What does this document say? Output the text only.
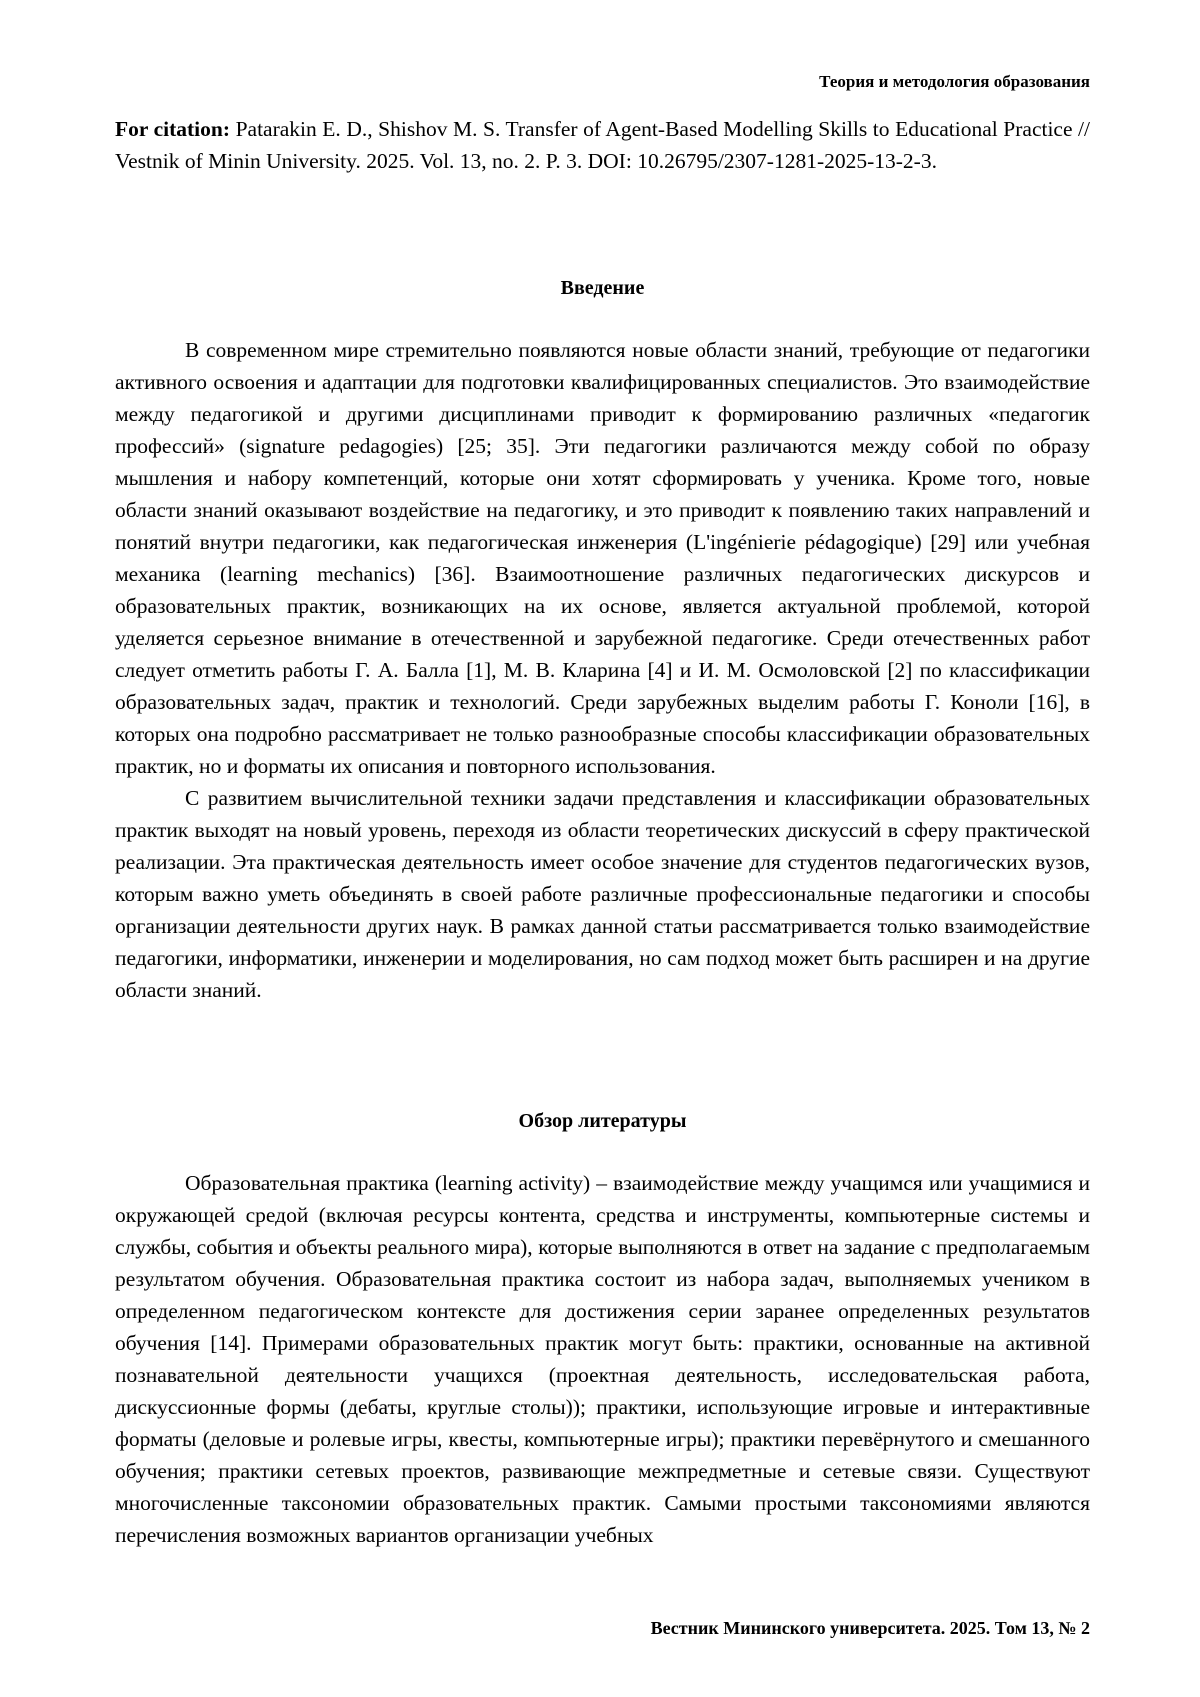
Теория и методология образования

For citation: Patarakin E. D., Shishov M. S. Transfer of Agent-Based Modelling Skills to Educational Practice // Vestnik of Minin University. 2025. Vol. 13, no. 2. P. 3. DOI: 10.26795/2307-1281-2025-13-2-3.

Введение

В современном мире стремительно появляются новые области знаний, требующие от педагогики активного освоения и адаптации для подготовки квалифицированных специалистов. Это взаимодействие между педагогикой и другими дисциплинами приводит к формированию различных «педагогик профессий» (signature pedagogies) [25; 35]. Эти педагогики различаются между собой по образу мышления и набору компетенций, которые они хотят сформировать у ученика. Кроме того, новые области знаний оказывают воздействие на педагогику, и это приводит к появлению таких направлений и понятий внутри педагогики, как педагогическая инженерия (L'ingénierie pédagogique) [29] или учебная механика (learning mechanics) [36]. Взаимоотношение различных педагогических дискурсов и образовательных практик, возникающих на их основе, является актуальной проблемой, которой уделяется серьезное внимание в отечественной и зарубежной педагогике. Среди отечественных работ следует отметить работы Г. А. Балла [1], М. В. Кларина [4] и И. М. Осмоловской [2] по классификации образовательных задач, практик и технологий. Среди зарубежных выделим работы Г. Коноли [16], в которых она подробно рассматривает не только разнообразные способы классификации образовательных практик, но и форматы их описания и повторного использования.

С развитием вычислительной техники задачи представления и классификации образовательных практик выходят на новый уровень, переходя из области теоретических дискуссий в сферу практической реализации. Эта практическая деятельность имеет особое значение для студентов педагогических вузов, которым важно уметь объединять в своей работе различные профессиональные педагогики и способы организации деятельности других наук. В рамках данной статьи рассматривается только взаимодействие педагогики, информатики, инженерии и моделирования, но сам подход может быть расширен и на другие области знаний.

Обзор литературы

Образовательная практика (learning activity) – взаимодействие между учащимся или учащимися и окружающей средой (включая ресурсы контента, средства и инструменты, компьютерные системы и службы, события и объекты реального мира), которые выполняются в ответ на задание с предполагаемым результатом обучения. Образовательная практика состоит из набора задач, выполняемых учеником в определенном педагогическом контексте для достижения серии заранее определенных результатов обучения [14]. Примерами образовательных практик могут быть: практики, основанные на активной познавательной деятельности учащихся (проектная деятельность, исследовательская работа, дискуссионные формы (дебаты, круглые столы)); практики, использующие игровые и интерактивные форматы (деловые и ролевые игры, квесты, компьютерные игры); практики перевёрнутого и смешанного обучения; практики сетевых проектов, развивающие межпредметные и сетевые связи. Существуют многочисленные таксономии образовательных практик. Самыми простыми таксономиями являются перечисления возможных вариантов организации учебных

Вестник Мининского университета. 2025. Том 13, № 2
